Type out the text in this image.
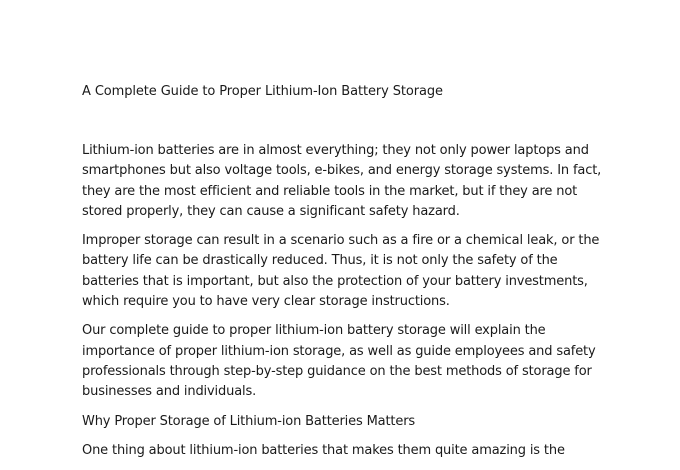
A Complete Guide to Proper Lithium-Ion Battery Storage

Lithium-ion batteries are in almost everything; they not only power laptops and smartphones but also voltage tools, e-bikes, and energy storage systems. In fact, they are the most efficient and reliable tools in the market, but if they are not stored properly, they can cause a significant safety hazard.

Improper storage can result in a scenario such as a fire or a chemical leak, or the battery life can be drastically reduced. Thus, it is not only the safety of the batteries that is important, but also the protection of your battery investments, which require you to have very clear storage instructions.

Our complete guide to proper lithium-ion battery storage will explain the importance of proper lithium-ion storage, as well as guide employees and safety professionals through step-by-step guidance on the best methods of storage for businesses and individuals.

Why Proper Storage of Lithium-ion Batteries Matters

One thing about lithium-ion batteries that makes them quite amazing is the
